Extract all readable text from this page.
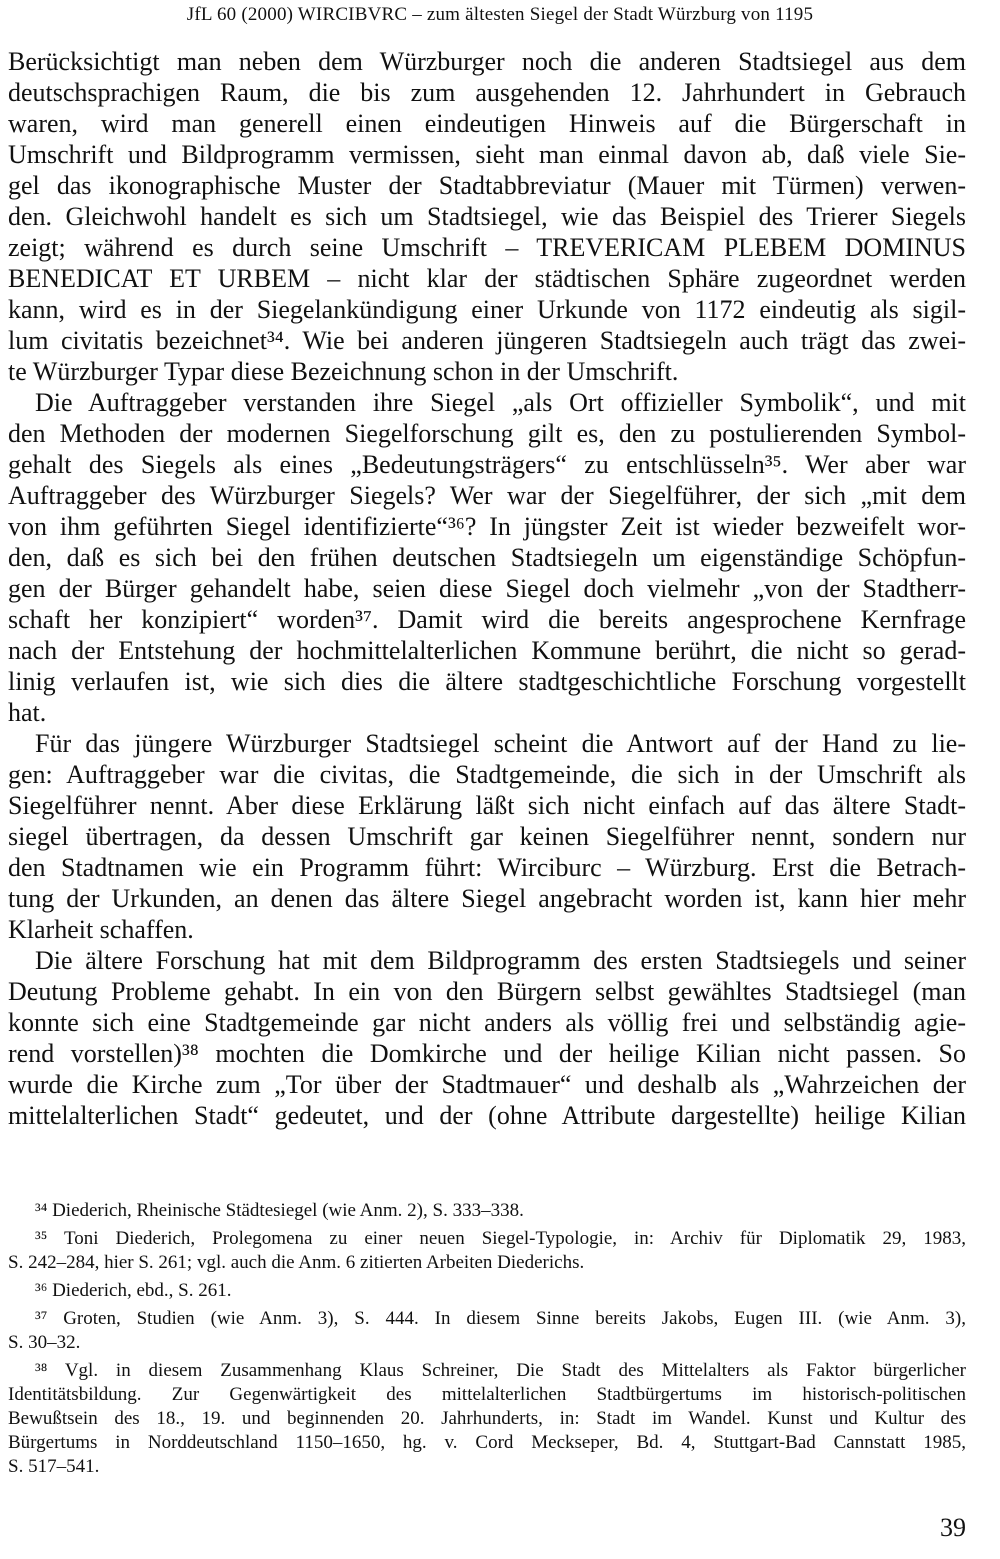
JfL 60 (2000) WIRCIBVRC – zum ältesten Siegel der Stadt Würzburg von 1195
Berücksichtigt man neben dem Würzburger noch die anderen Stadtsiegel aus dem
deutschsprachigen Raum, die bis zum ausgehenden 12. Jahrhundert in Gebrauch
waren, wird man generell einen eindeutigen Hinweis auf die Bürgerschaft in
Umschrift und Bildprogramm vermissen, sieht man einmal davon ab, daß viele Sie-
gel das ikonographische Muster der Stadtabbreviatur (Mauer mit Türmen) verwen-
den. Gleichwohl handelt es sich um Stadtsiegel, wie das Beispiel des Trierer Siegels
zeigt; während es durch seine Umschrift – TREVERICAM PLEBEM DOMINUS
BENEDICAT ET URBEM – nicht klar der städtischen Sphäre zugeordnet werden
kann, wird es in der Siegelankündigung einer Urkunde von 1172 eindeutig als sigil-
lum civitatis bezeichnet³⁴. Wie bei anderen jüngeren Stadtsiegeln auch trägt das zwei-
te Würzburger Typar diese Bezeichnung schon in der Umschrift.
Die Auftraggeber verstanden ihre Siegel „als Ort offizieller Symbolik“, und mit
den Methoden der modernen Siegelforschung gilt es, den zu postulierenden Symbol-
gehalt des Siegels als eines „Bedeutungsträgers“ zu entschlüsseln³⁵. Wer aber war
Auftraggeber des Würzburger Siegels? Wer war der Siegelführer, der sich „mit dem
von ihm geführten Siegel identifizierte“³⁶? In jüngster Zeit ist wieder bezweifelt wor-
den, daß es sich bei den frühen deutschen Stadtsiegeln um eigenständige Schöpfun-
gen der Bürger gehandelt habe, seien diese Siegel doch vielmehr „von der Stadtherr-
schaft her konzipiert“ worden³⁷. Damit wird die bereits angesprochene Kernfrage
nach der Entstehung der hochmittelalterlichen Kommune berührt, die nicht so gerad-
linig verlaufen ist, wie sich dies die ältere stadtgeschichtliche Forschung vorgestellt
hat.
Für das jüngere Würzburger Stadtsiegel scheint die Antwort auf der Hand zu lie-
gen: Auftraggeber war die civitas, die Stadtgemeinde, die sich in der Umschrift als
Siegelführer nennt. Aber diese Erklärung läßt sich nicht einfach auf das ältere Stadt-
siegel übertragen, da dessen Umschrift gar keinen Siegelführer nennt, sondern nur
den Stadtnamen wie ein Programm führt: Wirciburc – Würzburg. Erst die Betrach-
tung der Urkunden, an denen das ältere Siegel angebracht worden ist, kann hier mehr
Klarheit schaffen.
Die ältere Forschung hat mit dem Bildprogramm des ersten Stadtsiegels und seiner
Deutung Probleme gehabt. In ein von den Bürgern selbst gewähltes Stadtsiegel (man
konnte sich eine Stadtgemeinde gar nicht anders als völlig frei und selbständig agie-
rend vorstellen)³⁸ mochten die Domkirche und der heilige Kilian nicht passen. So
wurde die Kirche zum „Tor über der Stadtmauer“ und deshalb als „Wahrzeichen der
mittelalterlichen Stadt“ gedeutet, und der (ohne Attribute dargestellte) heilige Kilian
³⁴ Diederich, Rheinische Städtesiegel (wie Anm. 2), S. 333–338.
³⁵ Toni Diederich, Prolegomena zu einer neuen Siegel-Typologie, in: Archiv für Diplomatik 29, 1983,
S. 242–284, hier S. 261; vgl. auch die Anm. 6 zitierten Arbeiten Diederichs.
³⁶ Diederich, ebd., S. 261.
³⁷ Groten, Studien (wie Anm. 3), S. 444. In diesem Sinne bereits Jakobs, Eugen III. (wie Anm. 3),
S. 30–32.
³⁸ Vgl. in diesem Zusammenhang Klaus Schreiner, Die Stadt des Mittelalters als Faktor bürgerlicher
Identitätsbildung. Zur Gegenwärtigkeit des mittelalterlichen Stadtbürgertums im historisch-politischen
Bewußtsein des 18., 19. und beginnenden 20. Jahrhunderts, in: Stadt im Wandel. Kunst und Kultur des
Bürgertums in Norddeutschland 1150–1650, hg. v. Cord Meckseper, Bd. 4, Stuttgart-Bad Cannstatt 1985,
S. 517–541.
39
